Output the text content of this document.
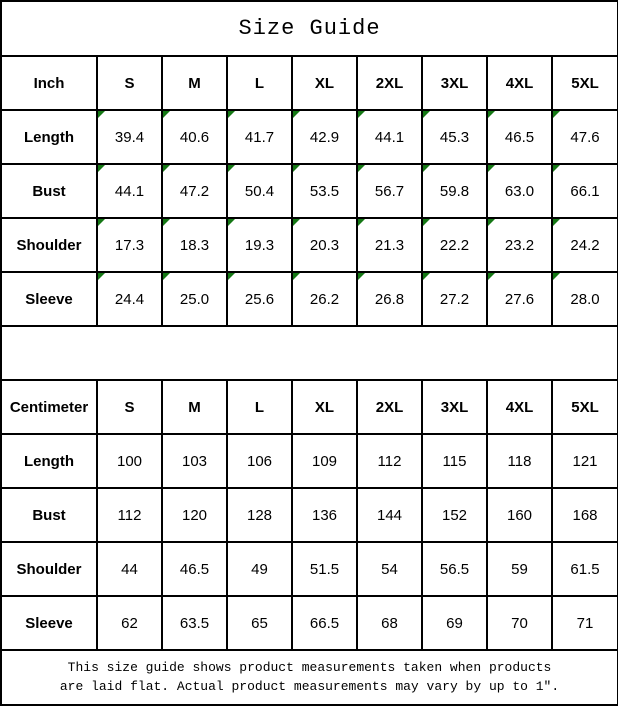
Size Guide								
Inch	S	M	L	XL	2XL	3XL	4XL	5XL
Length	39.4	40.6	41.7	42.9	44.1	45.3	46.5	47.6

Bust	44.1	47.2	50.4	53.5	56.7	59.8	63.0	66.1

Shoulder	17.3	18.3	19.3	20.3	21.3	22.2	23.2	24.2

Sleeve	24.4	25.0	25.6	26.2	26.8	27.2	27.6	28.0

Centimeter	S	M	L	XL	2XL	3XL	4XL	5XL
Length	100	103	106	109	112	115	118	121
Bust	112	120	128	136	144	152	160	168
Shoulder	44	46.5	49	51.5	54	56.5	59	61.5
Sleeve	62	63.5	65	66.5	68	69	70	71

This size guide shows product measurements taken when products
are laid flat. Actual product measurements may vary by up to 1″.								
